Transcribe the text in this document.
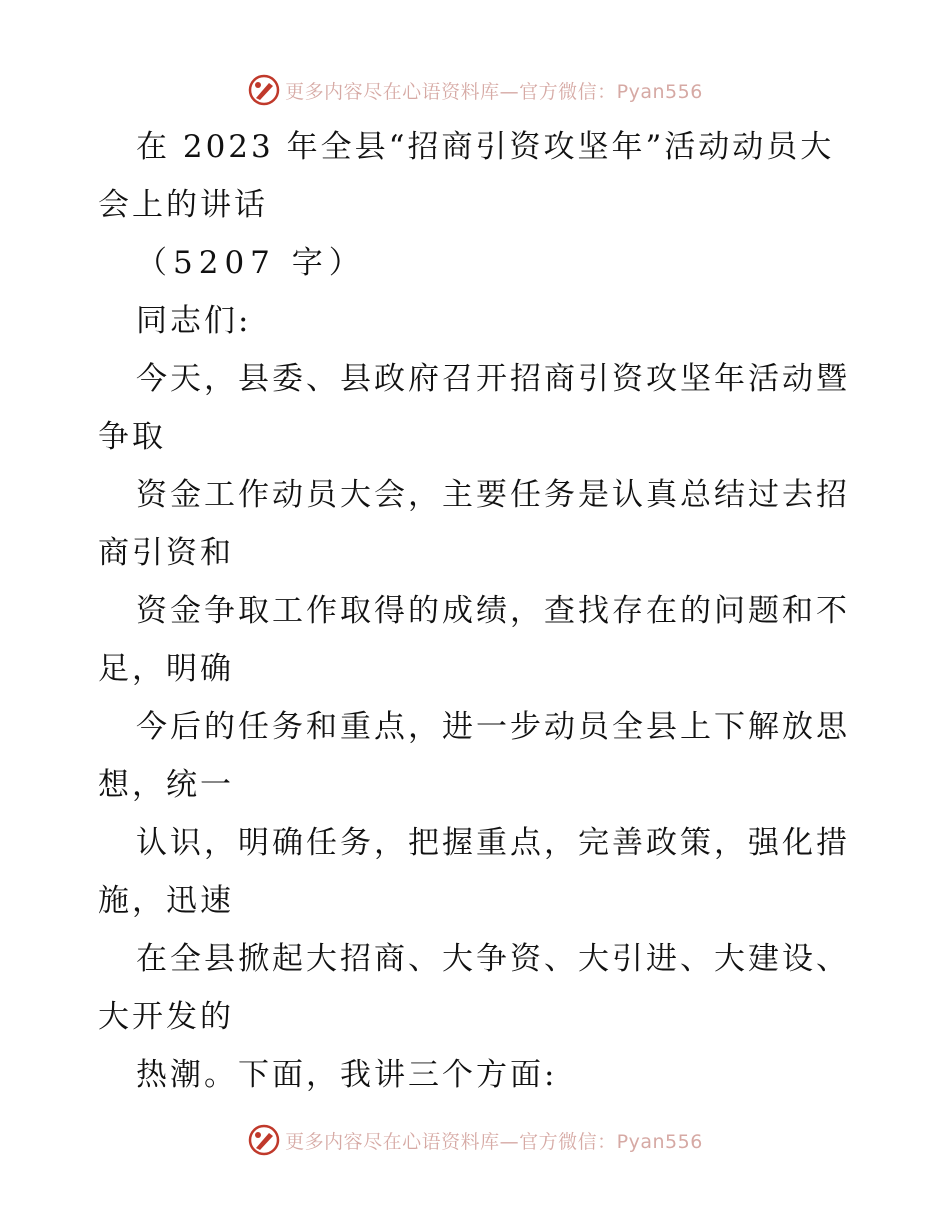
更多内容尽在心语资料库—官方微信：Pyan556
在 2023 年全县“招商引资攻坚年”活动动员大
会上的讲话
（5207 字）
同志们:
今天，县委、县政府召开招商引资攻坚年活动暨
争取
资金工作动员大会，主要任务是认真总结过去招
商引资和
资金争取工作取得的成绩，查找存在的问题和不
足，明确
今后的任务和重点，进一步动员全县上下解放思
想，统一
认识，明确任务，把握重点，完善政策，强化措
施，迅速
在全县掀起大招商、大争资、大引进、大建设、
大开发的
热潮。下面，我讲三个方面:
更多内容尽在心语资料库—官方微信：Pyan556
